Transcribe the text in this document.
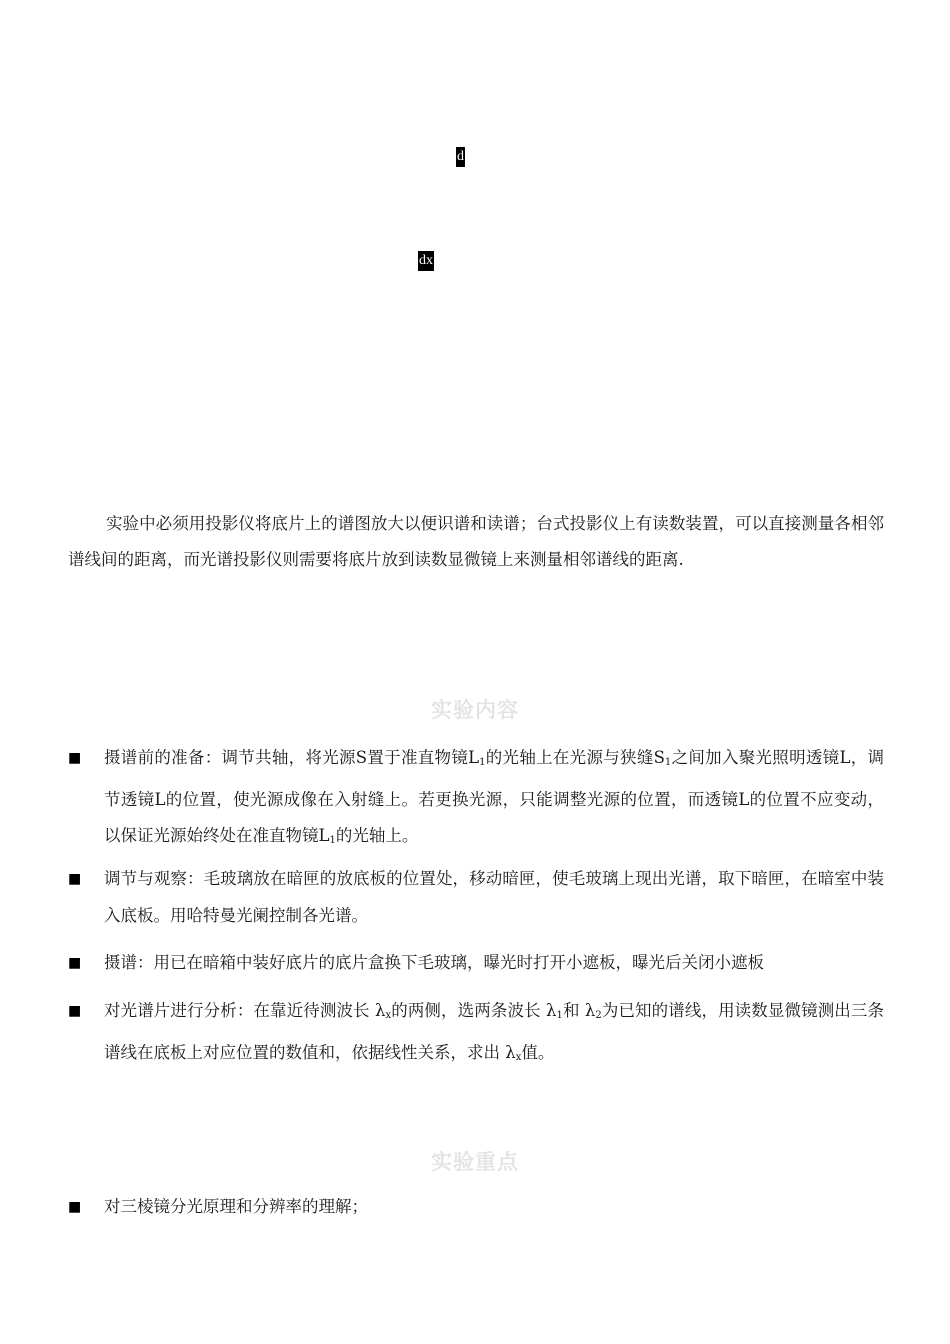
d
dx
实验中必须用投影仪将底片上的谱图放大以便识谱和读谱；台式投影仪上有读数装置，可以直接测量各相邻谱线间的距离，而光谱投影仪则需要将底片放到读数显微镜上来测量相邻谱线的距离.
实验内容
■ 摄谱前的准备：调节共轴，将光源S置于准直物镜$L_1$的光轴上在光源与狭缝$S_1$之间加入聚光照明透镜L，调节透镜L的位置，使光源成像在入射缝上。若更换光源，只能调整光源的位置，而透镜L的位置不应变动，以保证光源始终处在准直物镜$L_1$的光轴上。
■ 调节与观察：毛玻璃放在暗匣的放底板的位置处，移动暗匣，使毛玻璃上现出光谱，取下暗匣，在暗室中装入底板。用哈特曼光阑控制各光谱。
■ 摄谱：用已在暗箱中装好底片的底片盒换下毛玻璃，曝光时打开小遮板，曝光后关闭小遮板
■ 对光谱片进行分析：在靠近待测波长 $\lambda_x$的两侧，选两条波长 $\lambda_1$和 $\lambda_2$为已知的谱线，用读数显微镜测出三条谱线在底板上对应位置的数值和，依据线性关系，求出 $\lambda_x$值。
实验重点
■ 对三棱镜分光原理和分辨率的理解；
